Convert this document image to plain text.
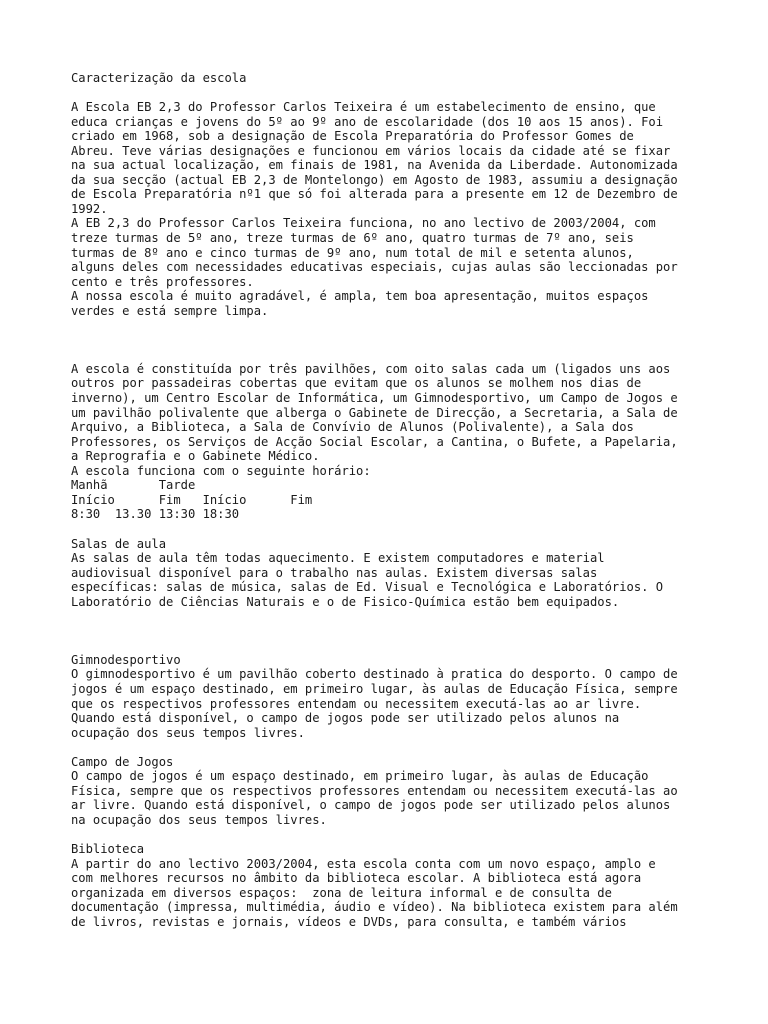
Caracterização da escola

A Escola EB 2,3 do Professor Carlos Teixeira é um estabelecimento de ensino, que
educa crianças e jovens do 5º ao 9º ano de escolaridade (dos 10 aos 15 anos). Foi
criado em 1968, sob a designação de Escola Preparatória do Professor Gomes de
Abreu. Teve várias designações e funcionou em vários locais da cidade até se fixar
na sua actual localização, em finais de 1981, na Avenida da Liberdade. Autonomizada
da sua secção (actual EB 2,3 de Montelongo) em Agosto de 1983, assumiu a designação
de Escola Preparatória nº1 que só foi alterada para a presente em 12 de Dezembro de
1992.
A EB 2,3 do Professor Carlos Teixeira funciona, no ano lectivo de 2003/2004, com
treze turmas de 5º ano, treze turmas de 6º ano, quatro turmas de 7º ano, seis
turmas de 8º ano e cinco turmas de 9º ano, num total de mil e setenta alunos,
alguns deles com necessidades educativas especiais, cujas aulas são leccionadas por
cento e três professores.
A nossa escola é muito agradável, é ampla, tem boa apresentação, muitos espaços
verdes e está sempre limpa.

A escola é constituída por três pavilhões, com oito salas cada um (ligados uns aos
outros por passadeiras cobertas que evitam que os alunos se molhem nos dias de
inverno), um Centro Escolar de Informática, um Gimnodesportivo, um Campo de Jogos e
um pavilhão polivalente que alberga o Gabinete de Direcção, a Secretaria, a Sala de
Arquivo, a Biblioteca, a Sala de Convívio de Alunos (Polivalente), a Sala dos
Professores, os Serviços de Acção Social Escolar, a Cantina, o Bufete, a Papelaria,
a Reprografia e o Gabinete Médico.
A escola funciona com o seguinte horário:
Manhã       Tarde
Início      Fim   Início      Fim
8:30  13.30 13:30 18:30

Salas de aula
As salas de aula têm todas aquecimento. E existem computadores e material
audiovisual disponível para o trabalho nas aulas. Existem diversas salas
específicas: salas de música, salas de Ed. Visual e Tecnológica e Laboratórios. O
Laboratório de Ciências Naturais e o de Fisico-Química estão bem equipados.

Gimnodesportivo
O gimnodesportivo é um pavilhão coberto destinado à pratica do desporto. O campo de
jogos é um espaço destinado, em primeiro lugar, às aulas de Educação Física, sempre
que os respectivos professores entendam ou necessitem executá-las ao ar livre.
Quando está disponível, o campo de jogos pode ser utilizado pelos alunos na
ocupação dos seus tempos livres.

Campo de Jogos
O campo de jogos é um espaço destinado, em primeiro lugar, às aulas de Educação
Física, sempre que os respectivos professores entendam ou necessitem executá-las ao
ar livre. Quando está disponível, o campo de jogos pode ser utilizado pelos alunos
na ocupação dos seus tempos livres.

Biblioteca
A partir do ano lectivo 2003/2004, esta escola conta com um novo espaço, amplo e
com melhores recursos no âmbito da biblioteca escolar. A biblioteca está agora
organizada em diversos espaços:  zona de leitura informal e de consulta de
documentação (impressa, multimédia, áudio e vídeo). Na biblioteca existem para além
de livros, revistas e jornais, vídeos e DVDs, para consulta, e também vários
